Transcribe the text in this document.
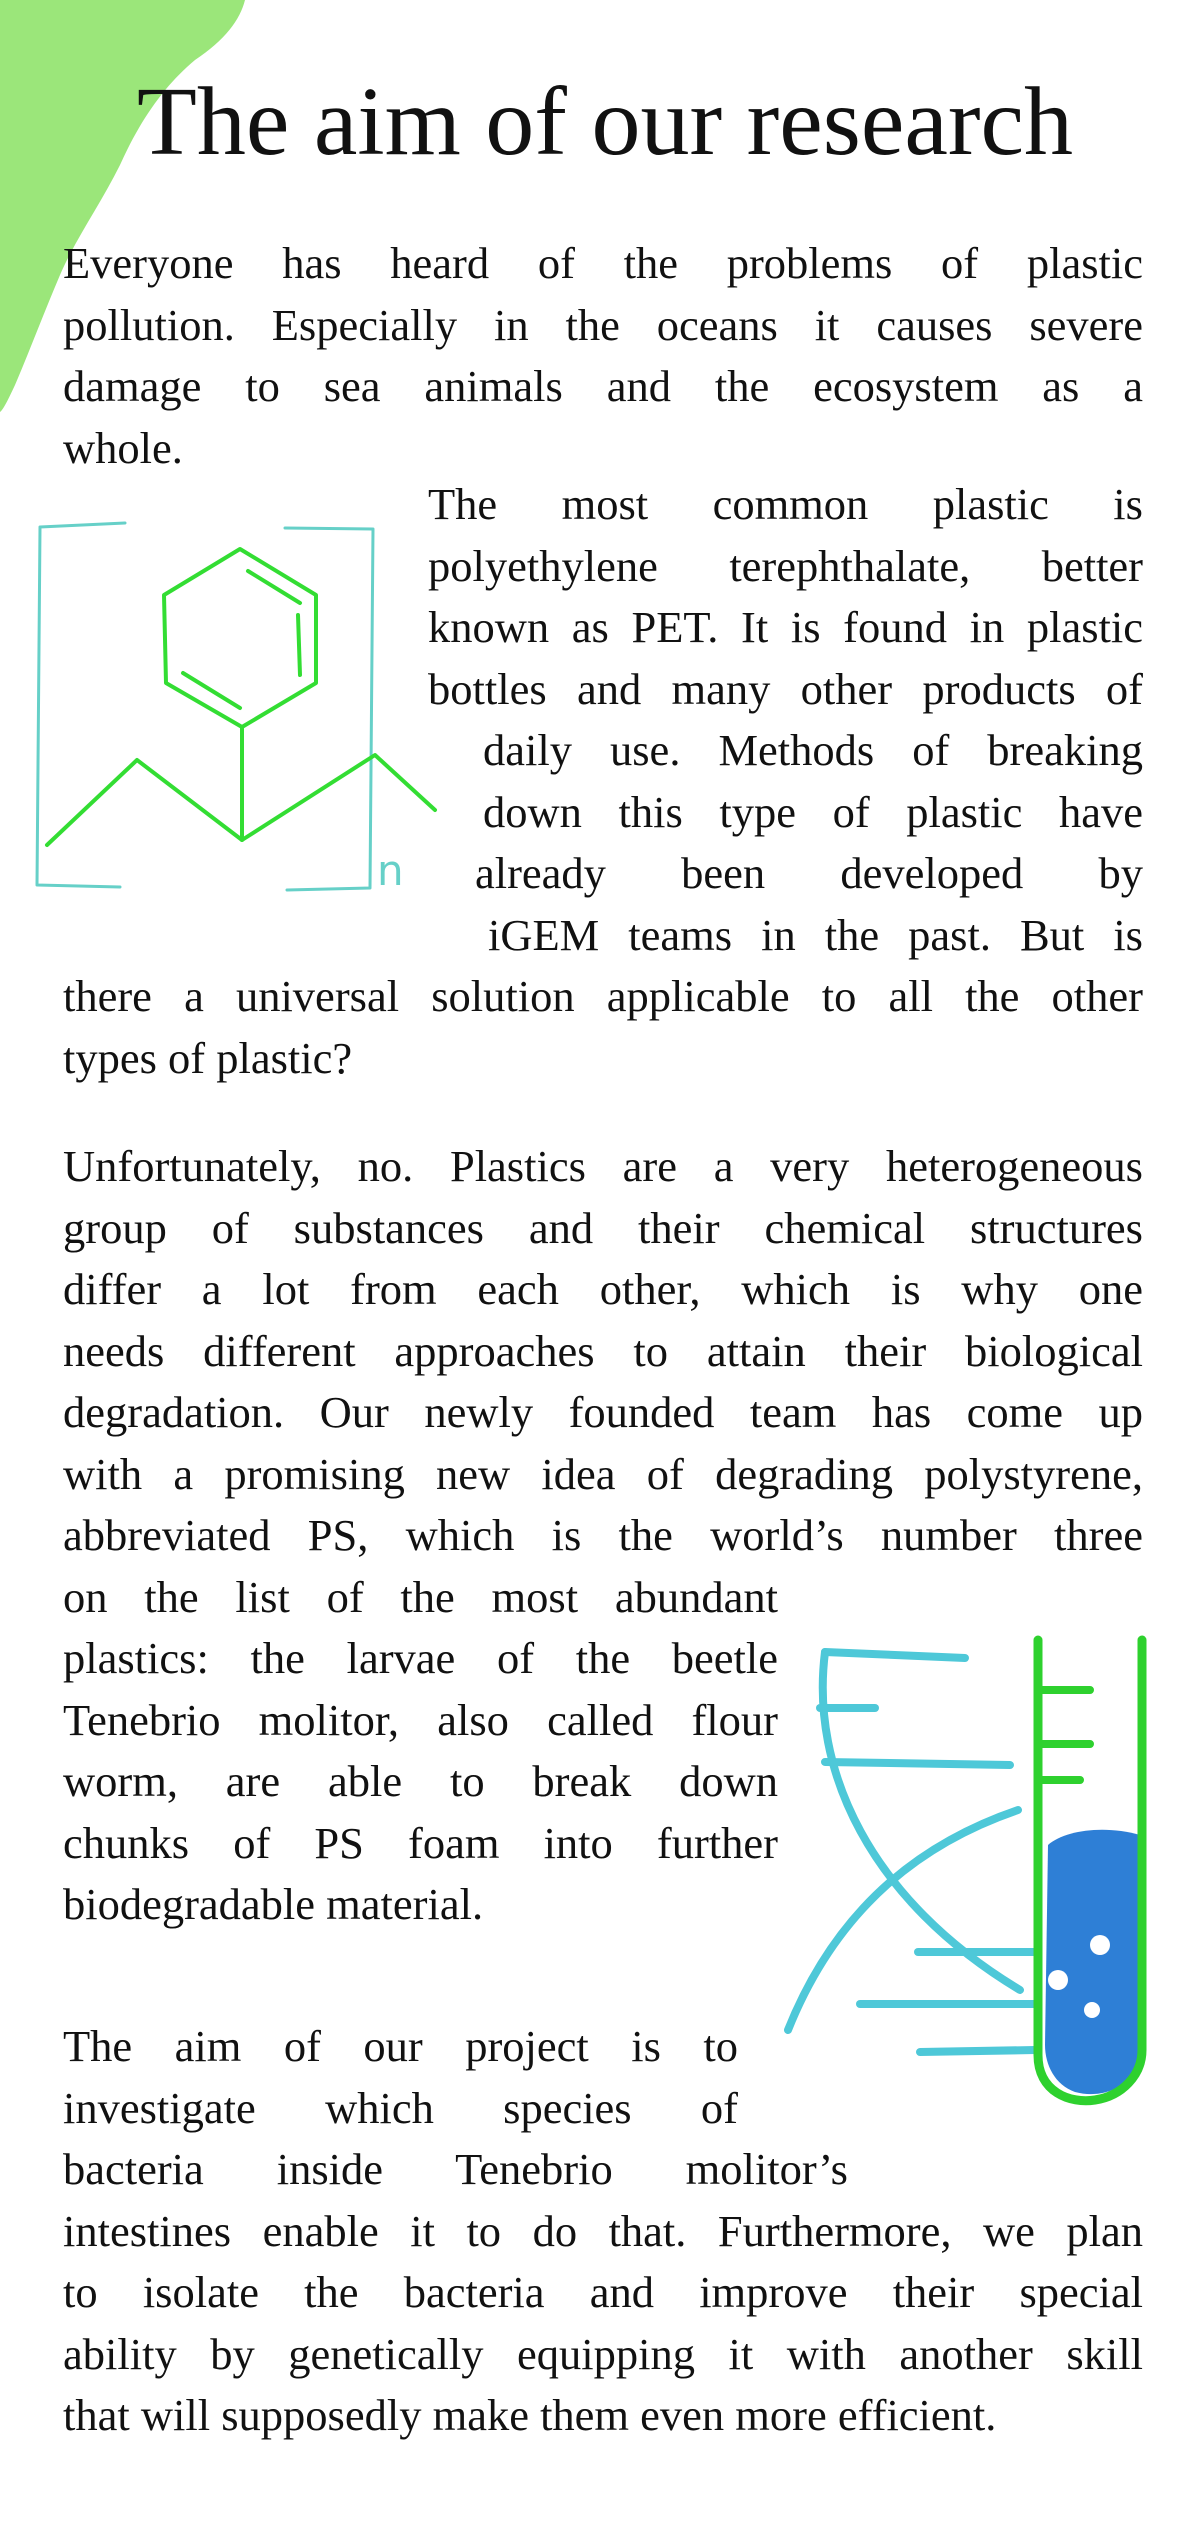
The aim of our research
Everyone has heard of the problems of plastic
pollution. Especially in the oceans it causes severe
damage to sea animals and the ecosystem as a
whole.
The most common plastic is
polyethylene terephthalate, better
known as PET. It is found in plastic
bottles and many other products of
daily use. Methods of breaking
down this type of plastic have
already been developed by
iGEM teams in the past. But is
there a universal solution applicable to all the other
types of plastic?
Unfortunately, no. Plastics are a very heterogeneous
group of substances and their chemical structures
differ a lot from each other, which is why one
needs different approaches to attain their biological
degradation. Our newly founded team has come up
with a promising new idea of degrading polystyrene,
abbreviated PS, which is the world’s number three
on the list of the most abundant
plastics: the larvae of the beetle
Tenebrio molitor, also called flour
worm, are able to break down
chunks of PS foam into further
biodegradable material.
The aim of our project is to
investigate which species of
bacteria inside Tenebrio molitor’s
intestines enable it to do that. Furthermore, we plan
to isolate the bacteria and improve their special
ability by genetically equipping it with another skill
that will supposedly make them even more efficient.
n
